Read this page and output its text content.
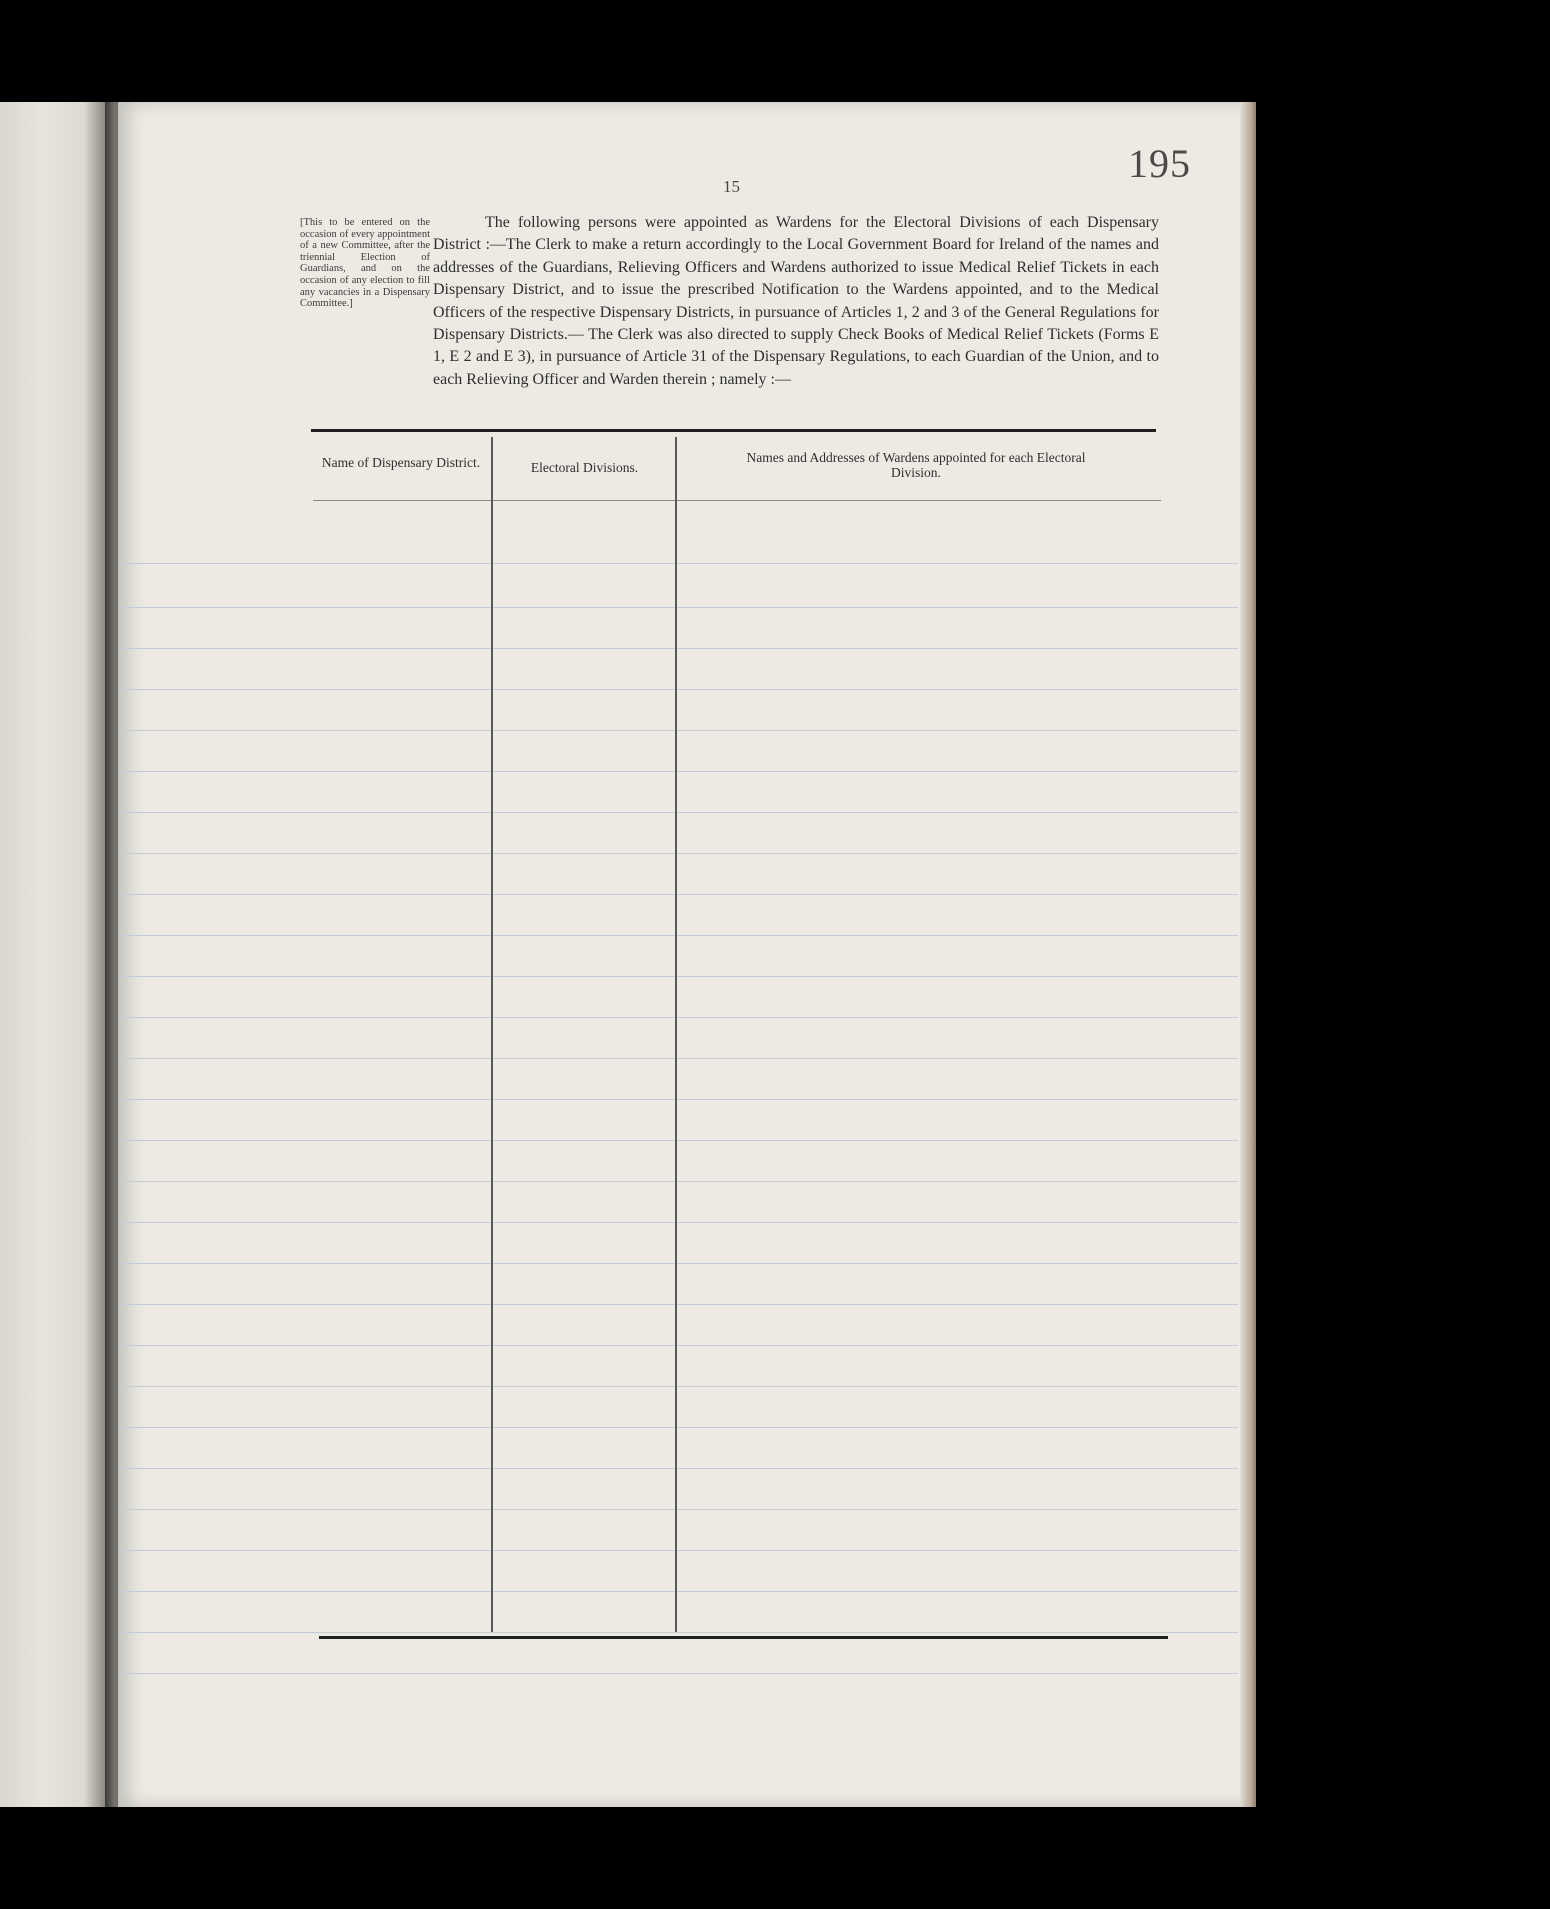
195
15
[This to be entered on the occasion of every appointment of a new Committee, after the triennial Election of Guardians, and on the occasion of any election to fill any vacancies in a Dispensary Committee.]
The following persons were appointed as Wardens for the Electoral Divisions of each Dispensary District :—The Clerk to make a return accordingly to the Local Government Board for Ireland of the names and addresses of the Guardians, Relieving Officers and Wardens authorized to issue Medical Relief Tickets in each Dispensary District, and to issue the prescribed Notification to the Wardens appointed, and to the Medical Officers of the respective Dispensary Districts, in pursuance of Articles 1, 2 and 3 of the General Regulations for Dispensary Districts.— The Clerk was also directed to supply Check Books of Medical Relief Tickets (Forms E 1, E 2 and E 3), in pursuance of Article 31 of the Dispensary Regulations, to each Guardian of the Union, and to each Relieving Officer and Warden therein ; namely :—
Name of Dispensary District.	Electoral Divisions.
Names and Addresses of Wardens appointed for each Electoral Division.
